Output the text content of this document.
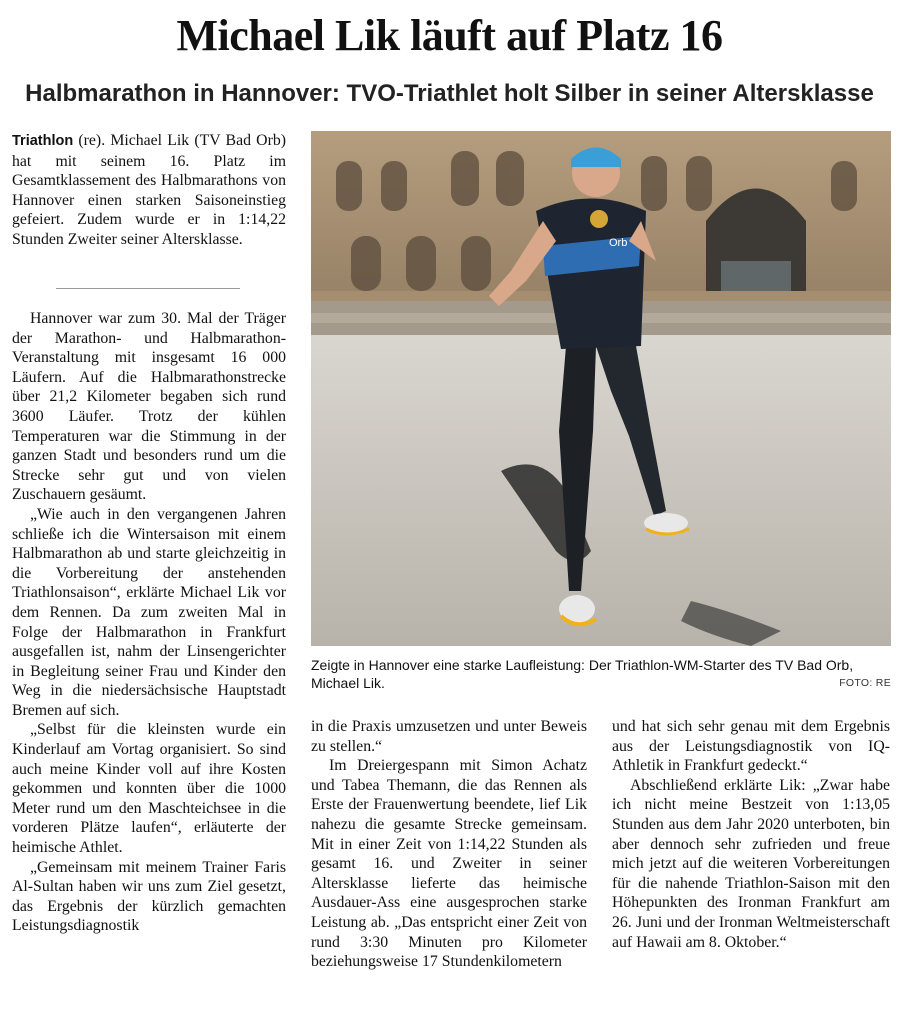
Michael Lik läuft auf Platz 16
Halbmarathon in Hannover: TVO-Triathlet holt Silber in seiner Altersklasse

Triathlon (re). Michael Lik (TV Bad Orb) hat mit seinem 16. Platz im Gesamtklassement des Halbmarathons von Hannover einen starken Saisoneinstieg gefeiert. Zudem wurde er in 1:14,22 Stunden Zweiter seiner Altersklasse.

Hannover war zum 30. Mal der Träger der Marathon- und Halbmarathon-Veranstaltung mit insgesamt 16 000 Läufern. Auf die Halbmarathonstrecke über 21,2 Kilometer begaben sich rund 3600 Läufer. Trotz der kühlen Temperaturen war die Stimmung in der ganzen Stadt und besonders rund um die Strecke sehr gut und von vielen Zuschauern gesäumt.

„Wie auch in den vergangenen Jahren schließe ich die Wintersaison mit einem Halbmarathon ab und starte gleichzeitig in die Vorbereitung der anstehenden Triathlonsaison“, erklärte Michael Lik vor dem Rennen. Da zum zweiten Mal in Folge der Halbmarathon in Frankfurt ausgefallen ist, nahm der Linsengerichter in Begleitung seiner Frau und Kinder den Weg in die niedersächsische Hauptstadt Bremen auf sich.

„Selbst für die kleinsten wurde ein Kinderlauf am Vortag organisiert. So sind auch meine Kinder voll auf ihre Kosten gekommen und konnten über die 1000 Meter rund um den Maschteichsee in die vorderen Plätze laufen“, erläuterte der heimische Athlet.

„Gemeinsam mit meinem Trainer Faris Al-Sultan haben wir uns zum Ziel gesetzt, das Ergebnis der kürzlich gemachten Leistungsdiagnostik

Orb
Zeigte in Hannover eine starke Laufleistung: Der Triathlon-WM-Starter des TV Bad Orb, Michael Lik.	FOTO: RE

in die Praxis umzusetzen und unter Beweis zu stellen.“

Im Dreiergespann mit Simon Achatz und Tabea Themann, die das Rennen als Erste der Frauenwertung beendete, lief Lik nahezu die gesamte Strecke gemeinsam. Mit in einer Zeit von 1:14,22 Stunden als gesamt 16. und Zweiter in seiner Altersklasse lieferte das heimische Ausdauer-Ass eine ausgesprochen starke Leistung ab. „Das entspricht einer Zeit von rund 3:30 Minuten pro Kilometer beziehungsweise 17 Stundenkilometern

und hat sich sehr genau mit dem Ergebnis aus der Leistungsdiagnostik von IQ-Athletik in Frankfurt gedeckt.“

Abschließend erklärte Lik: „Zwar habe ich nicht meine Bestzeit von 1:13,05 Stunden aus dem Jahr 2020 unterboten, bin aber dennoch sehr zufrieden und freue mich jetzt auf die weiteren Vorbereitungen für die nahende Triathlon-Saison mit den Höhepunkten des Ironman Frankfurt am 26. Juni und der Ironman Weltmeisterschaft auf Hawaii am 8. Oktober.“
